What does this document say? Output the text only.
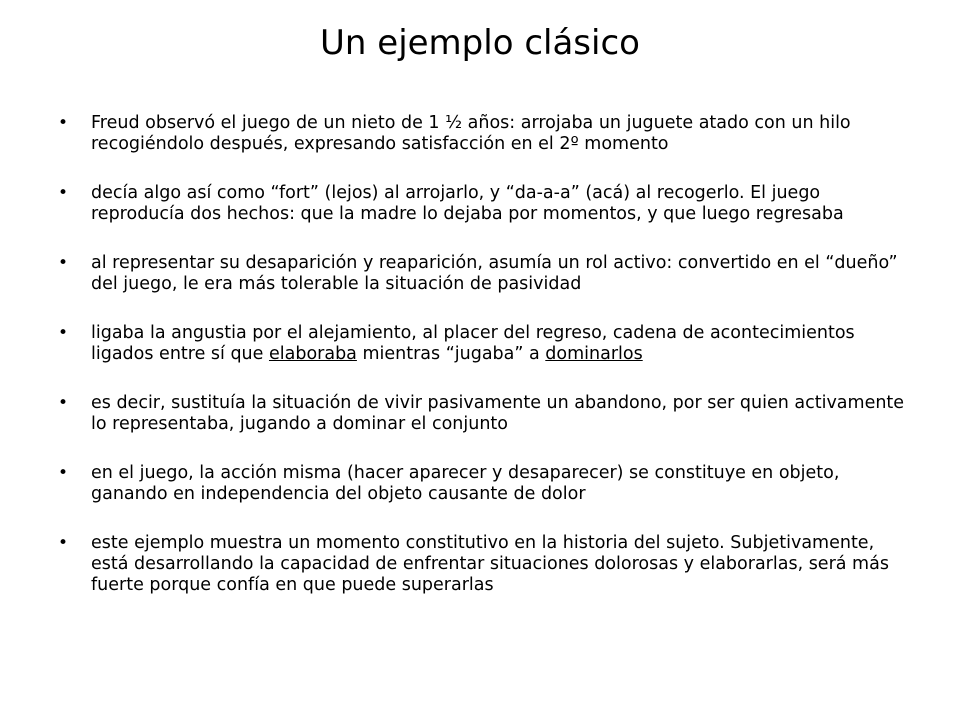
Un ejemplo clásico
• Freud observó el juego de un nieto de 1 ½ años: arrojaba un juguete atado con un hilo recogiéndolo después, expresando satisfacción en el 2º momento
• decía algo así como “fort” (lejos) al arrojarlo, y “da-a-a” (acá) al recogerlo. El juego reproducía dos hechos: que la madre lo dejaba por momentos, y que luego regresaba
• al representar su desaparición y reaparición, asumía un rol activo: convertido en el “dueño” del juego, le era más tolerable la situación de pasividad
• ligaba la angustia por el alejamiento, al placer del regreso, cadena de acontecimientos ligados entre sí que elaboraba mientras “jugaba” a dominarlos
• es decir, sustituía la situación de vivir pasivamente un abandono, por ser quien activamente lo representaba, jugando a dominar el conjunto
• en el juego, la acción misma (hacer aparecer y desaparecer) se constituye en objeto, ganando en independencia del objeto causante de dolor
• este ejemplo muestra un momento constitutivo en la historia del sujeto. Subjetivamente, está desarrollando la capacidad de enfrentar situaciones dolorosas y elaborarlas, será más fuerte porque confía en que puede superarlas
